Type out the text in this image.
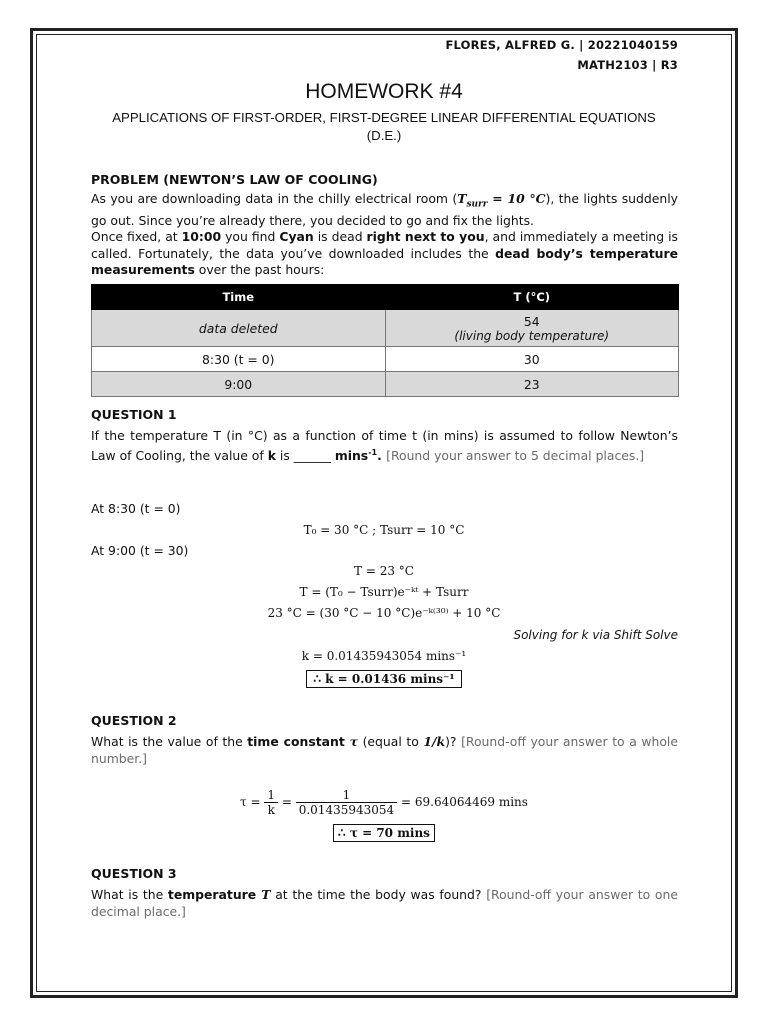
FLORES, ALFRED G. | 20221040159
MATH2103 | R3
HOMEWORK #4
APPLICATIONS OF FIRST-ORDER, FIRST-DEGREE LINEAR DIFFERENTIAL EQUATIONS
(D.E.)
PROBLEM (NEWTON’S LAW OF COOLING)
As you are downloading data in the chilly electrical room ($T_{surr} = 10$ °C), the lights suddenly go out. Since you’re already there, you decided to go and fix the lights.
Once fixed, at 10:00 you find Cyan is dead right next to you, and immediately a meeting is called. Fortunately, the data you’ve downloaded includes the dead body’s temperature measurements over the past hours:
Time	T (°C)
data deleted	54
(living body temperature)

8:30 (t = 0)	30
9:00	23
QUESTION 1
If the temperature T (in °C) as a function of time t (in mins) is assumed to follow Newton’s Law of Cooling, the value of k is ______ mins$^{-1}$. [Round your answer to 5 decimal places.]
At 8:30 (t = 0)
T₀ = 30 °C ; Tsurr = 10 °C
At 9:00 (t = 30)
T = 23 °C
T = (T₀ − Tsurr)e⁻ᵏᵗ + Tsurr
23 °C = (30 °C − 10 °C)e⁻ᵏ⁽³⁰⁾ + 10 °C
Solving for k via Shift Solve
k = 0.01435943054 mins⁻¹
∴ k = 0.01436 mins⁻¹
QUESTION 2
What is the value of the time constant τ (equal to 1/k)? [Round-off your answer to a whole number.]
$\tau = \frac{1}{k} = \frac{1}{0.01435943054} = 69.64064469$ mins
∴ τ = 70 mins
QUESTION 3
What is the temperature T at the time the body was found? [Round-off your answer to one decimal place.]
